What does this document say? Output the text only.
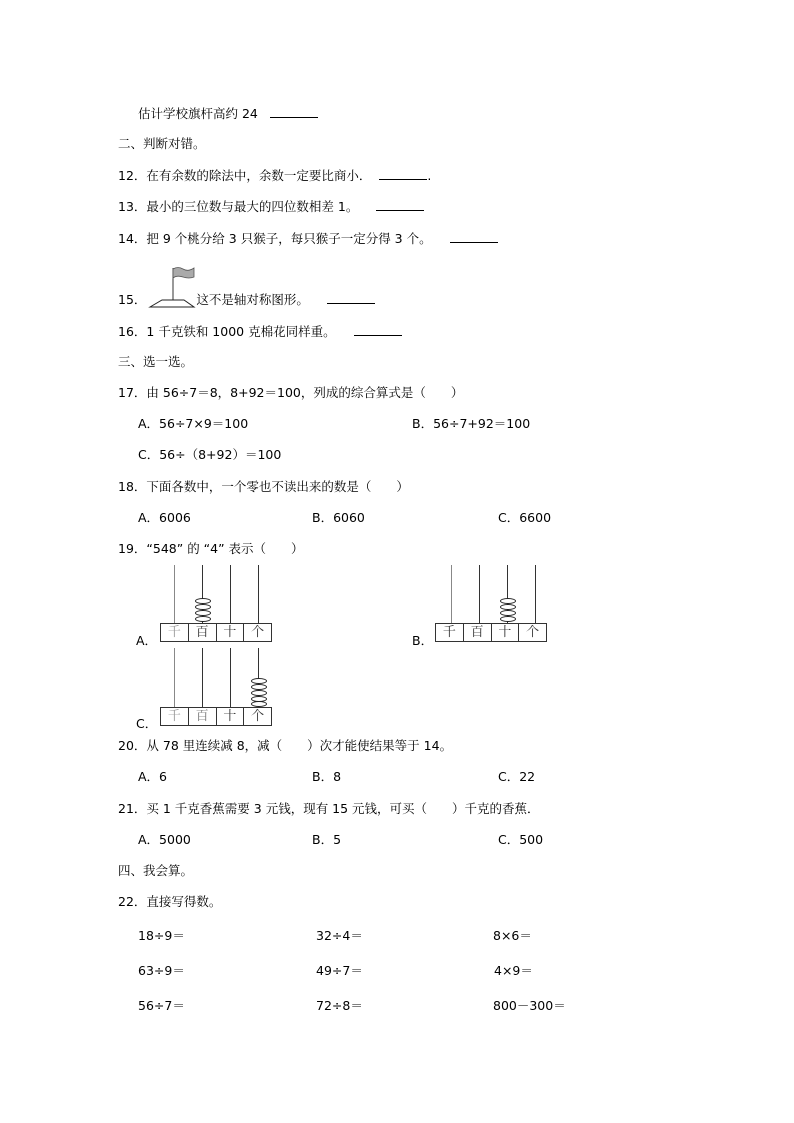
估计学校旗杆高约 24
二、判断对错。
12．在有余数的除法中，余数一定要比商小．	.
13．最小的三位数与最大的四位数相差 1。
14．把 9 个桃分给 3 只猴子，每只猴子一定分得 3 个。
15．	这不是轴对称图形。
16．1 千克铁和 1000 克棉花同样重。
三、选一选。
17．由 56÷7＝8，8+92＝100，列成的综合算式是（　　）
A．56÷7×9＝100	B．56÷7+92＝100
C．56÷（8+92）＝100
18．下面各数中，一个零也不读出来的数是（　　）
A．6006	B．6060	C．6600
19．“548” 的 “4” 表示（　　）
A．
千	百	十	个
B．
千	百	十	个
C． 千	百	十	个
20．从 78 里连续减 8，减（　　）次才能使结果等于 14。
A．6	B．8	C．22
21．买 1 千克香蕉需要 3 元钱，现有 15 元钱，可买（　　）千克的香蕉．
A．5000	B．5	C．500
四、我会算。
22．直接写得数。
18÷9＝	32÷4＝	8×6＝
63÷9＝	49÷7＝	4×9＝
56÷7＝	72÷8＝	800－300＝
